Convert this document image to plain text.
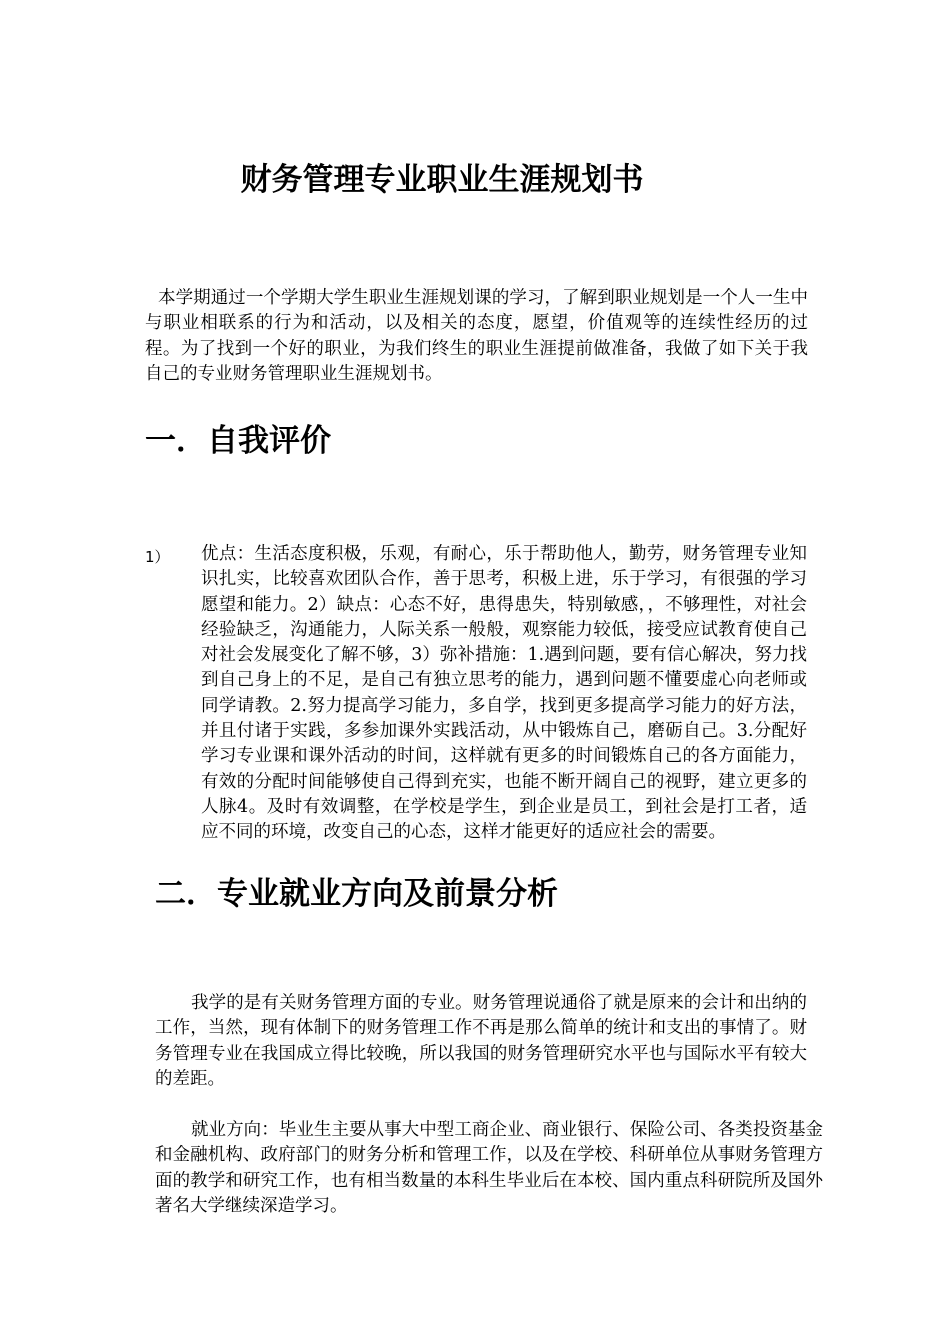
财务管理专业职业生涯规划书

本学期通过一个学期大学生职业生涯规划课的学习，了解到职业规划是一个人一生中与职业相联系的行为和活动，以及相关的态度，愿望，价值观等的连续性经历的过程。为了找到一个好的职业，为我们终生的职业生涯提前做准备，我做了如下关于我自己的专业财务管理职业生涯规划书。

一．自我评价
1） 优点：生活态度积极，乐观，有耐心，乐于帮助他人，勤劳，财务管理专业知识扎实，比较喜欢团队合作，善于思考，积极上进，乐于学习，有很强的学习愿望和能力。2）缺点：心态不好，患得患失，特别敏感，，不够理性，对社会经验缺乏，沟通能力，人际关系一般般，观察能力较低，接受应试教育使自己对社会发展变化了解不够，3）弥补措施：1.遇到问题，要有信心解决，努力找到自己身上的不足，是自己有独立思考的能力，遇到问题不懂要虚心向老师或同学请教。2.努力提高学习能力，多自学，找到更多提高学习能力的好方法，并且付诸于实践，多参加课外实践活动，从中锻炼自己，磨砺自己。3.分配好学习专业课和课外活动的时间，这样就有更多的时间锻炼自己的各方面能力，有效的分配时间能够使自己得到充实，也能不断开阔自己的视野，建立更多的人脉4。及时有效调整，在学校是学生，到企业是员工，到社会是打工者，适应不同的环境，改变自己的心态，这样才能更好的适应社会的需要。

二．专业就业方向及前景分析

我学的是有关财务管理方面的专业。财务管理说通俗了就是原来的会计和出纳的工作，当然，现有体制下的财务管理工作不再是那么简单的统计和支出的事情了。财务管理专业在我国成立得比较晚，所以我国的财务管理研究水平也与国际水平有较大的差距。

就业方向：毕业生主要从事大中型工商企业、商业银行、保险公司、各类投资基金和金融机构、政府部门的财务分析和管理工作，以及在学校、科研单位从事财务管理方面的教学和研究工作，也有相当数量的本科生毕业后在本校、国内重点科研院所及国外著名大学继续深造学习。
